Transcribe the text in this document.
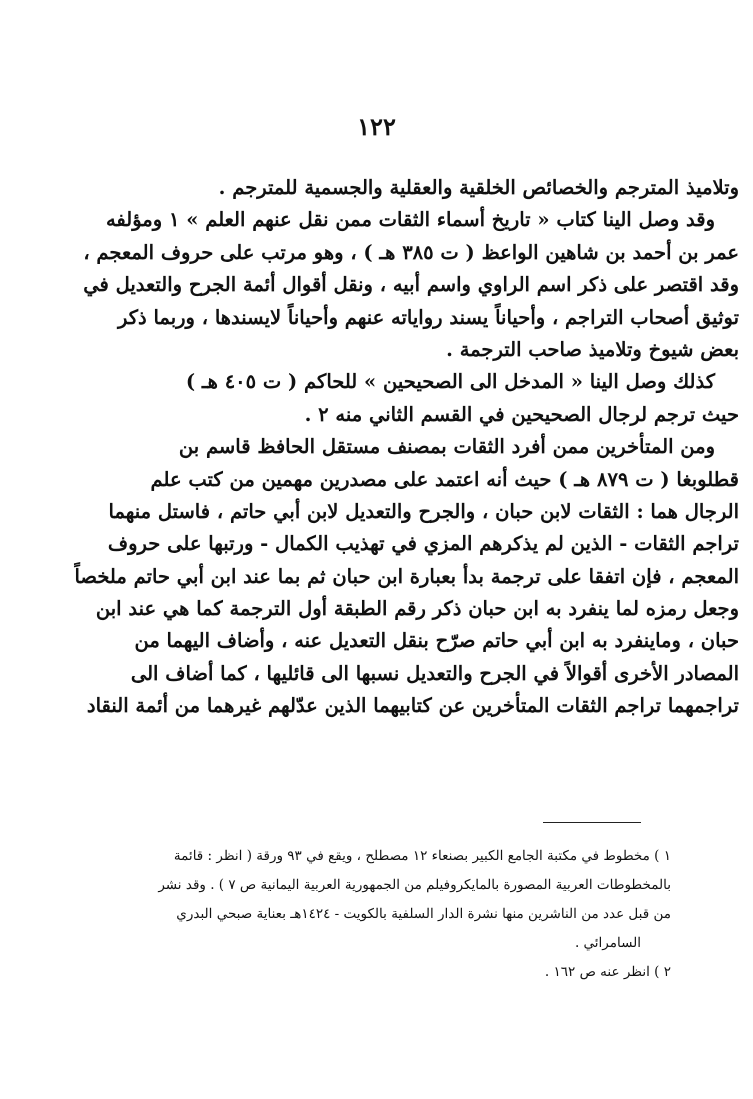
١٢٢
وتلاميذ المترجم والخصائص الخلقية والعقلية والجسمية للمترجم .
وقد وصل الينا كتاب « تاريخ أسماء الثقات ممن نقل عنهم العلم » ١ ومؤلفه
عمر بن أحمد بن شاهين الواعظ ( ت ٣٨٥ هـ ) ، وهو مرتب على حروف المعجم ،
وقد اقتصر على ذكر اسم الراوي واسم أبيه ، ونقل أقوال أئمة الجرح والتعديل في
توثيق أصحاب التراجم ، وأحياناً يسند رواياته عنهم وأحياناً لايسندها ، وربما ذكر
بعض شيوخ وتلاميذ صاحب الترجمة .
كذلك وصل الينا « المدخل الى الصحيحين » للحاكم ( ت ٤٠٥ هـ )
حيث ترجم لرجال الصحيحين في القسم الثاني منه ٢ .
ومن المتأخرين ممن أفرد الثقات بمصنف مستقل الحافظ قاسم بن
قطلوبغا ( ت ٨٧٩ هـ ) حيث أنه اعتمد على مصدرين مهمين من كتب علم
الرجال هما : الثقات لابن حبان ، والجرح والتعديل لابن أبي حاتم ، فاستل منهما
تراجم الثقات - الذين لم يذكرهم المزي في تهذيب الكمال - ورتبها على حروف
المعجم ، فإن اتفقا على ترجمة بدأ بعبارة ابن حبان ثم بما عند ابن أبي حاتم ملخصاً
وجعل رمزه لما ينفرد به ابن حبان ذكر رقم الطبقة أول الترجمة كما هي عند ابن
حبان ، وماينفرد به ابن أبي حاتم صرّح بنقل التعديل عنه ، وأضاف اليهما من
المصادر الأخرى أقوالاً في الجرح والتعديل نسبها الى قائليها ، كما أضاف الى
تراجمهما تراجم الثقات المتأخرين عن كتابيهما الذين عدّلهم غيرهما من أئمة النقاد
١ ) مخطوط في مكتبة الجامع الكبير بصنعاء ١٢ مصطلح ، ويقع في ٩٣ ورقة ( انظر : قائمة
بالمخطوطات العربية المصورة بالمايكروفيلم من الجمهورية العربية اليمانية ص ٧ ) . وقد نشر
من قبل عدد من الناشرين منها نشرة الدار السلفية بالكويت - ١٤٢٤هـ بعناية صبحي البدري
السامرائي .
٢ ) انظر عنه ص ١٦٢ .
